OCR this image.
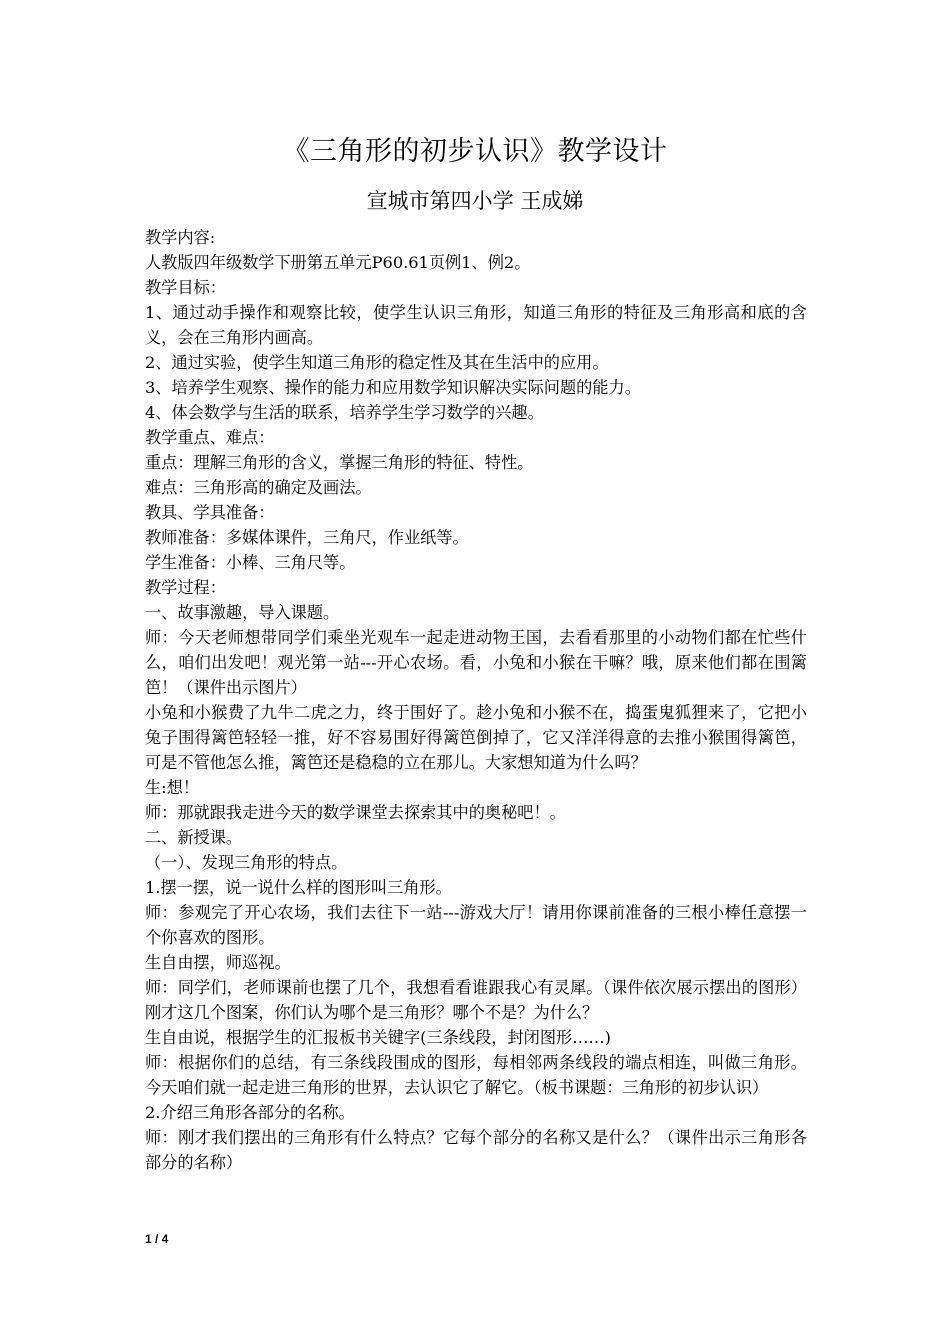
《三角形的初步认识》教学设计
宣城市第四小学 王成娣

教学内容:

人教版四年级数学下册第五单元P60.61页例1、例2。

教学目标：

1、通过动手操作和观察比较，使学生认识三角形，知道三角形的特征及三角形高和底的含义，会在三角形内画高。

2、通过实验，使学生知道三角形的稳定性及其在生活中的应用。

3、培养学生观察、操作的能力和应用数学知识解决实际问题的能力。

4、体会数学与生活的联系，培养学生学习数学的兴趣。

教学重点、难点：

重点：理解三角形的含义，掌握三角形的特征、特性。

难点：三角形高的确定及画法。

教具、学具准备：

教师准备：多媒体课件，三角尺，作业纸等。

学生准备：小棒、三角尺等。

教学过程：

一、故事激趣，导入课题。

师：今天老师想带同学们乘坐光观车一起走进动物王国，去看看那里的小动物们都在忙些什么，咱们出发吧！观光第一站---开心农场。看，小兔和小猴在干嘛？哦，原来他们都在围篱笆！（课件出示图片）

小兔和小猴费了九牛二虎之力，终于围好了。趁小兔和小猴不在，捣蛋鬼狐狸来了，它把小兔子围得篱笆轻轻一推，好不容易围好得篱笆倒掉了，它又洋洋得意的去推小猴围得篱笆，可是不管他怎么推，篱笆还是稳稳的立在那儿。大家想知道为什么吗？

生:想！

师：那就跟我走进今天的数学课堂去探索其中的奥秘吧！。

二、新授课。

（一）、发现三角形的特点。

1.摆一摆，说一说什么样的图形叫三角形。

师：参观完了开心农场，我们去往下一站---游戏大厅！请用你课前准备的三根小棒任意摆一个你喜欢的图形。

生自由摆，师巡视。

师：同学们，老师课前也摆了几个，我想看看谁跟我心有灵犀。（课件依次展示摆出的图形）刚才这几个图案，你们认为哪个是三角形？哪个不是？为什么？

生自由说，根据学生的汇报板书关键字(三条线段，封闭图形……)

师：根据你们的总结，有三条线段围成的图形，每相邻两条线段的端点相连，叫做三角形。今天咱们就一起走进三角形的世界，去认识它了解它。（板书课题：三角形的初步认识）

2.介绍三角形各部分的名称。

师：刚才我们摆出的三角形有什么特点？它每个部分的名称又是什么？（课件出示三角形各部分的名称）

1 / 4
